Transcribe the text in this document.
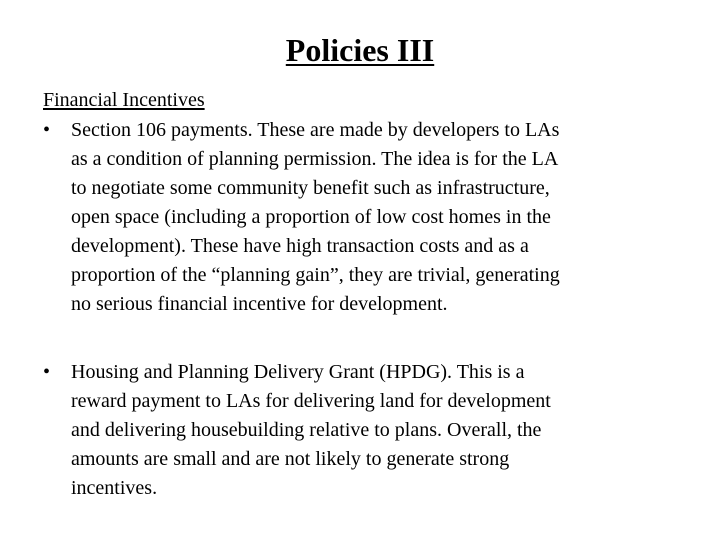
Policies III
Financial Incentives
•	Section 106 payments. These are made by developers to LAs
as a condition of planning permission. The idea is for the LA
to negotiate some community benefit such as infrastructure,
open space (including a proportion of low cost homes in the
development). These have high transaction costs and as a
proportion of the “planning gain”, they are trivial, generating
no serious financial incentive for development.
•	Housing and Planning Delivery Grant (HPDG). This is a
reward payment to LAs for delivering land for development
and delivering housebuilding relative to plans. Overall, the
amounts are small and are not likely to generate strong
incentives.
